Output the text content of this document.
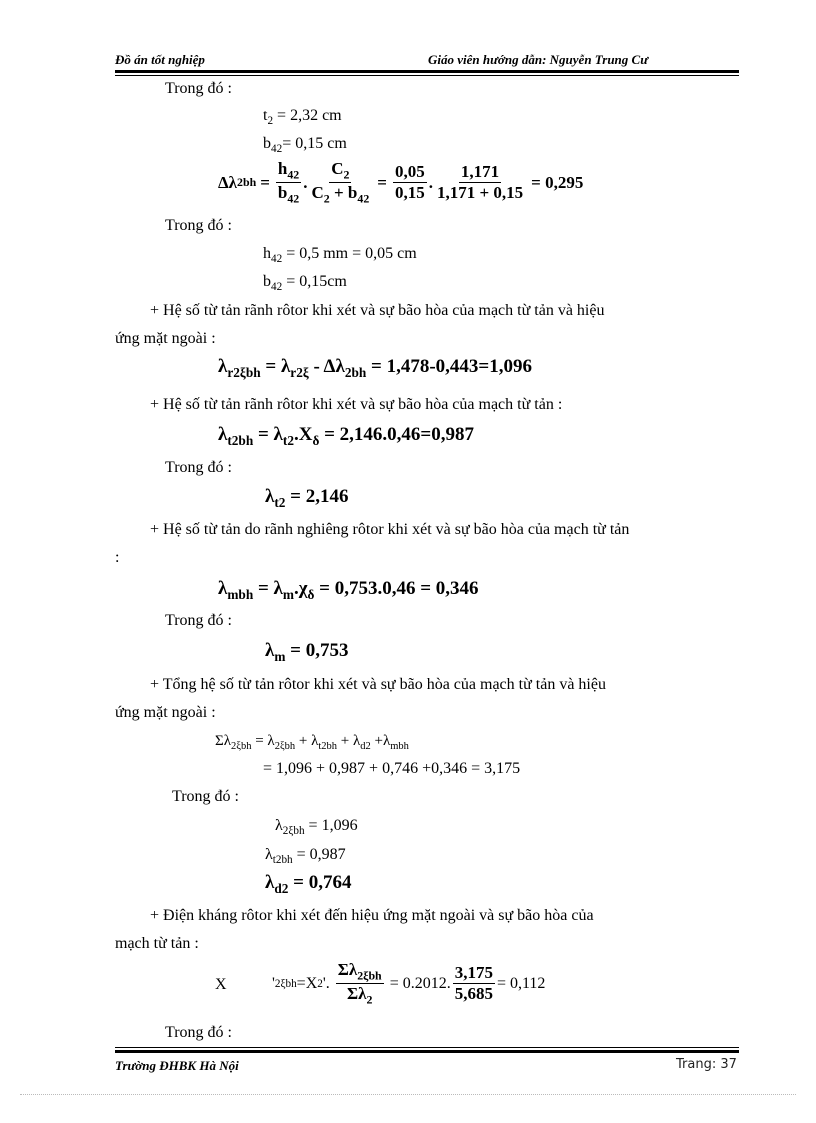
Đồ án tốt nghiệp	Giáo viên hướng dẫn: Nguyễn Trung Cư
Trong đó :
$t_2 = 2,32$ cm
$b_{42}= 0,15$ cm
Δλ $2bh = \frac{h_{42}}{b_{42}}$ . $\frac{C_2}{C_2 + b_{42}} = \frac{0,05}{0,15}$ . $\frac{1,171}{1,171 + 0,15} = 0,295$
Trong đó :
$h_{42} = 0,5$ mm = 0,05 cm
$b_{42} = 0,15cm$
+ Hệ số từ tản rãnh rôtor khi xét và sự bão hòa của mạch từ tản và hiệu
ứng mặt ngoài :
$\lambda_{r2\xi bh} = \lambda_{r2\xi} - \Delta\lambda_{2bh} = 1,478-0,443=1,096$
+ Hệ số từ tản rãnh rôtor khi xét và sự bão hòa của mạch từ tản :
$\lambda_{t2bh} = \lambda_{t2}.X_\delta = 2,146.0,46=0,987$
Trong đó :
$\lambda_{t2} = 2,146$
+ Hệ số từ tản do rãnh nghiêng rôtor khi xét và sự bão hòa của mạch từ tản
:
$\lambda_{mbh} = \lambda_m.\chi_\delta = 0,753.0,46 = 0,346$
Trong đó :
$\lambda_m = 0,753$
+ Tổng hệ số từ tản rôtor khi xét và sự bão hòa của mạch từ tản và hiệu
ứng mặt ngoài :
$\Sigma\lambda_{2\xi bh} = \lambda_{2\xi bh} + \lambda_{t2bh} + \lambda_{d2} +\lambda_{mbh}$
= 1,096 + 0,987 + 0,746 +0,346 = 3,175
Trong đó :
$\lambda_{2\xi bh} = 1,096$
$\lambda_{t2bh} = 0,987$
$\lambda_{d2} = 0,764$
+ Điện kháng rôtor khi xét đến hiệu ứng mặt ngoài và sự bão hòa của
mạch từ tản :
X	' 2ξbh =X 2 '. $\frac{\Sigma\lambda_{2\xi bh}}{\Sigma\lambda_2} = 0.2012$. $\frac{3,175}{5,685} = 0,112$
Trong đó :
Trường ĐHBK Hà Nội	Trang: 37
